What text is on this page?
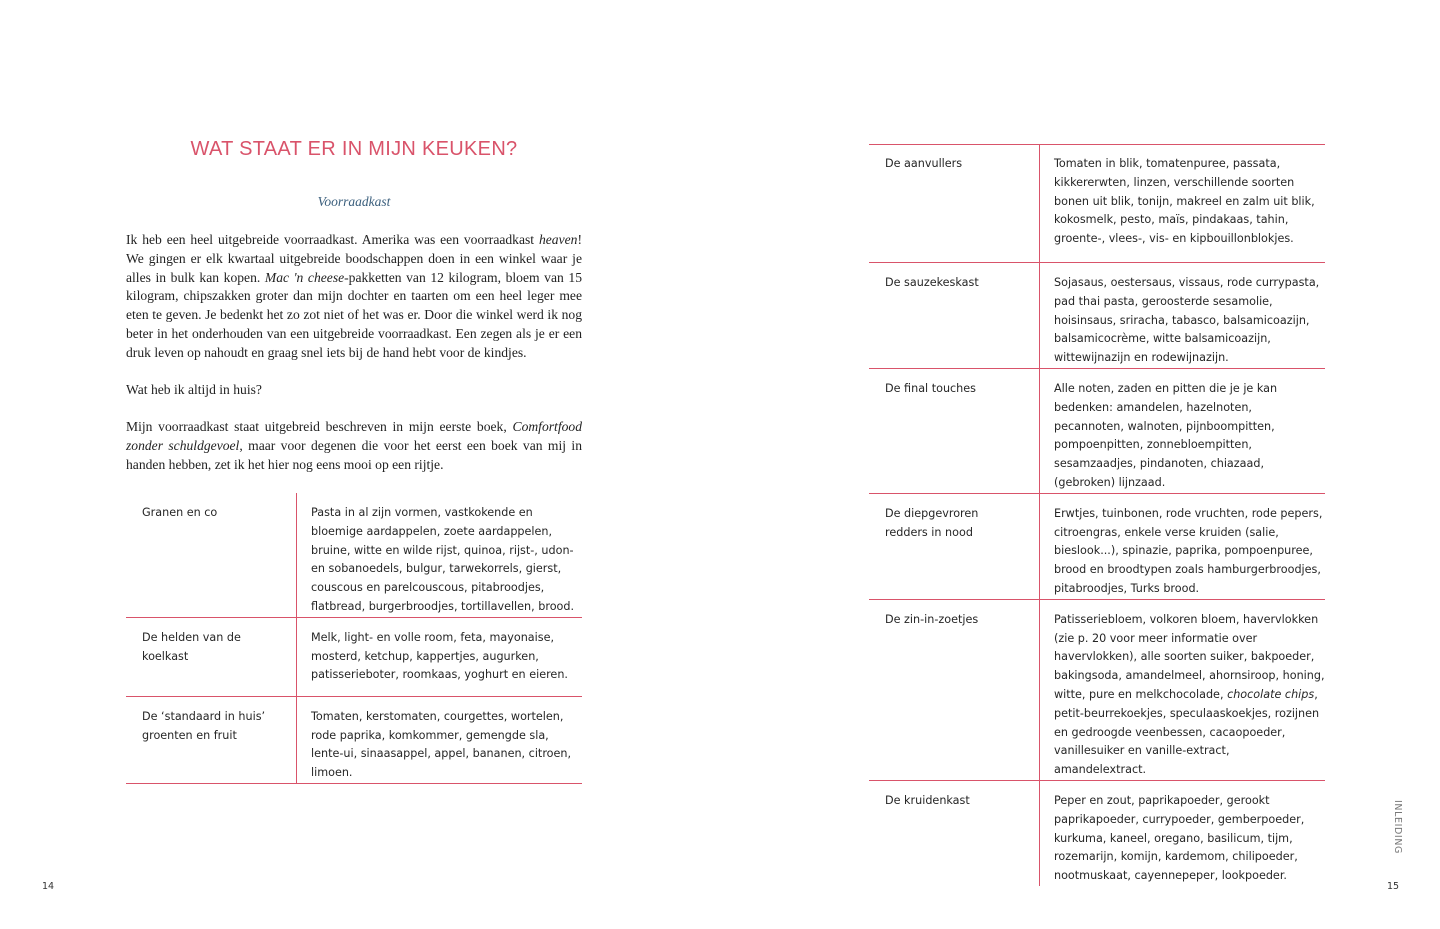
WAT STAAT ER IN MIJN KEUKEN?

Voorraadkast

Ik heb een heel uitgebreide voorraadkast. Amerika was een voorraadkast heaven! We gingen er elk kwartaal uitgebreide boodschappen doen in een winkel waar je alles in bulk kan kopen. Mac 'n cheese-pakketten van 12 kilogram, bloem van 15 kilogram, chipszakken groter dan mijn dochter en taarten om een heel leger mee eten te geven. Je bedenkt het zo zot niet of het was er. Door die winkel werd ik nog beter in het onderhouden van een uitgebreide voorraadkast. Een zegen als je er een druk leven op nahoudt en graag snel iets bij de hand hebt voor de kindjes.

Wat heb ik altijd in huis?

Mijn voorraadkast staat uitgebreid beschreven in mijn eerste boek, Comfortfood zonder schuldgevoel, maar voor degenen die voor het eerst een boek van mij in handen hebben, zet ik het hier nog eens mooi op een rijtje.

Granen en co	Pasta in al zijn vormen, vastkokende en bloemige aardappelen, zoete aardappelen, bruine, witte en wilde rijst, quinoa, rijst-, udon- en sobanoedels, bulgur, tarwekorrels, gierst, couscous en parelcouscous, pitabroodjes, flatbread, burgerbroodjes, tortillavellen, brood.
De helden van de koelkast	Melk, light- en volle room, feta, mayonaise, mosterd, ketchup, kappertjes, augurken, patisserieboter, roomkaas, yoghurt en eieren.
De ‘standaard in huis’ groenten en fruit	Tomaten, kerstomaten, courgettes, wortelen, rode paprika, komkommer, gemengde sla, lente-ui, sinaasappel, appel, bananen, citroen, limoen.
14
De aanvullers	Tomaten in blik, tomatenpuree, passata, kikkererwten, linzen, verschillende soorten bonen uit blik, tonijn, makreel en zalm uit blik, kokosmelk, pesto, maïs, pindakaas, tahin, groente-, vlees-, vis- en kipbouillonblokjes.
De sauzekeskast	Sojasaus, oestersaus, vissaus, rode currypasta, pad thai pasta, geroosterde sesamolie, hoisinsaus, sriracha, tabasco, balsamicoazijn, balsamicocrème, witte balsamicoazijn, wittewijnazijn en rodewijnazijn.
De final touches	Alle noten, zaden en pitten die je je kan bedenken: amandelen, hazelnoten, pecannoten, walnoten, pijnboompitten, pompoenpitten, zonnebloempitten, sesamzaadjes, pindanoten, chiazaad, (gebroken) lijnzaad.
De diepgevroren redders in nood	Erwtjes, tuinbonen, rode vruchten, rode pepers, citroengras, enkele verse kruiden (salie, bieslook...), spinazie, paprika, pompoenpuree, brood en broodtypen zoals hamburgerbroodjes, pitabroodjes, Turks brood.
De zin-in-zoetjes	Patisseriebloem, volkoren bloem, havervlokken (zie p. 20 voor meer informatie over havervlokken), alle soorten suiker, bakpoeder, bakingsoda, amandelmeel, ahornsiroop, honing, witte, pure en melkchocolade, chocolate chips, petit-beurrekoekjes, speculaaskoekjes, rozijnen en gedroogde veenbessen, cacaopoeder, vanillesuiker en vanille-extract, amandelextract.
De kruidenkast	Peper en zout, paprikapoeder, gerookt paprikapoeder, currypoeder, gemberpoeder, kurkuma, kaneel, oregano, basilicum, tijm, rozemarijn, komijn, kardemom, chilipoeder, nootmuskaat, cayennepeper, lookpoeder.
INLEIDING
15
